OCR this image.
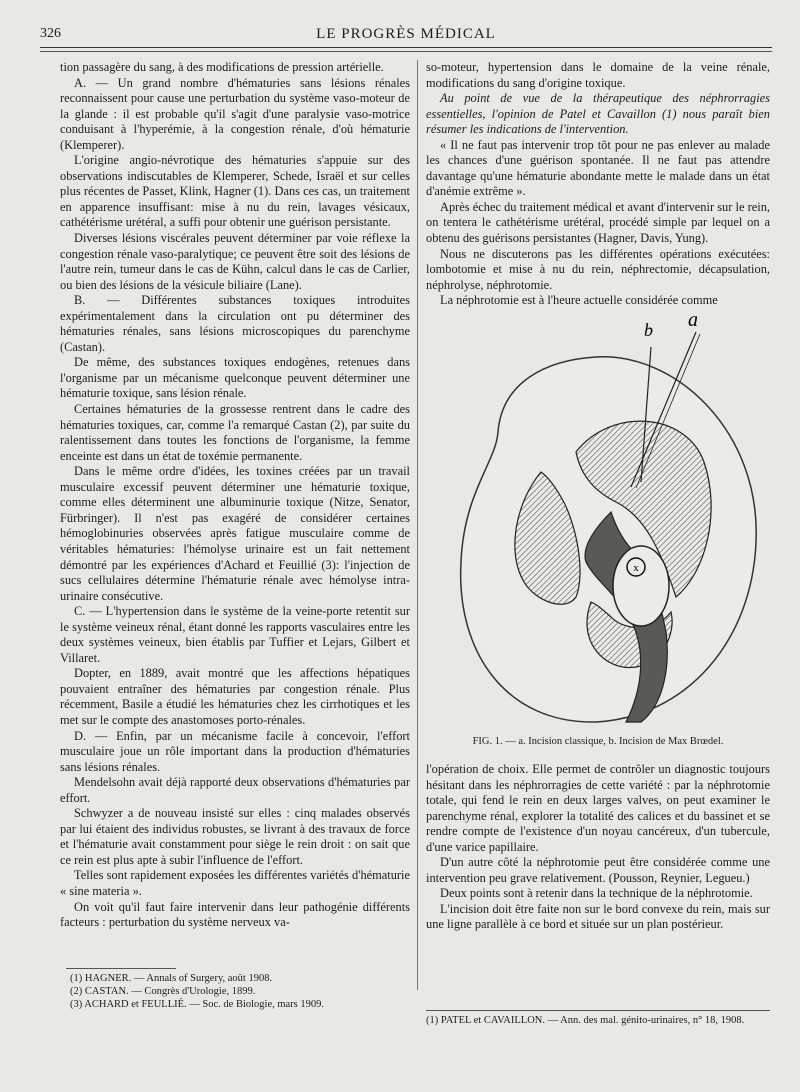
326	LE PROGRÈS MÉDICAL

tion passagère du sang, à des modifications de pression artérielle.

A. — Un grand nombre d'hématuries sans lésions rénales reconnaissent pour cause une perturbation du système vaso-moteur de la glande : il est probable qu'il s'agit d'une paralysie vaso-motrice conduisant à l'hyperémie, à la congestion rénale, d'où hématurie (Klemperer).

L'origine angio-névrotique des hématuries s'appuie sur des observations indiscutables de Klemperer, Schede, Israël et sur celles plus récentes de Passet, Klink, Hagner (1). Dans ces cas, un traitement en apparence insuffisant: mise à nu du rein, lavages vésicaux, cathétérisme urétéral, a suffi pour obtenir une guérison persistante.

Diverses lésions viscérales peuvent déterminer par voie réflexe la congestion rénale vaso-paralytique; ce peuvent être soit des lésions de l'autre rein, tumeur dans le cas de Kühn, calcul dans le cas de Carlier, ou bien des lésions de la vésicule biliaire (Lane).

B. — Différentes substances toxiques introduites expérimentalement dans la circulation ont pu déterminer des hématuries rénales, sans lésions microscopiques du parenchyme (Castan).

De même, des substances toxiques endogènes, retenues dans l'organisme par un mécanisme quelconque peuvent déterminer une hématurie toxique, sans lésion rénale.

Certaines hématuries de la grossesse rentrent dans le cadre des hématuries toxiques, car, comme l'a remarqué Castan (2), par suite du ralentissement dans toutes les fonctions de l'organisme, la femme enceinte est dans un état de toxémie permanente.

Dans le même ordre d'idées, les toxines créées par un travail musculaire excessif peuvent déterminer une hématurie toxique, comme elles déterminent une albuminurie toxique (Nitze, Senator, Fürbringer). Il n'est pas exagéré de considérer certaines hémoglobinuries observées après fatigue musculaire comme de véritables hématuries: l'hémolyse urinaire est un fait nettement démontré par les expériences d'Achard et Feuillié (3): l'injection de sucs cellulaires détermine l'hématurie rénale avec hémolyse intra-urinaire consécutive.

C. — L'hypertension dans le système de la veine-porte retentit sur le système veineux rénal, étant donné les rapports vasculaires entre les deux systèmes veineux, bien établis par Tuffier et Lejars, Gilbert et Villaret.

Dopter, en 1889, avait montré que les affections hépatiques pouvaient entraîner des hématuries par congestion rénale. Plus récemment, Basile a étudié les hématuries chez les cirrhotiques et les met sur le compte des anastomoses porto-rénales.

D. — Enfin, par un mécanisme facile à concevoir, l'effort musculaire joue un rôle important dans la production d'hématuries sans lésions rénales.

Mendelsohn avait déjà rapporté deux observations d'hématuries par effort.

Schwyzer a de nouveau insisté sur elles : cinq malades observés par lui étaient des individus robustes, se livrant à des travaux de force et l'hématurie avait constamment pour siège le rein droit : on sait que ce rein est plus apte à subir l'influence de l'effort.

Telles sont rapidement exposées les différentes variétés d'hématurie « sine materia ».

On voit qu'il faut faire intervenir dans leur pathogénie différents facteurs : perturbation du système nerveux va-

(1) HAGNER. — Annals of Surgery, août 1908.

(2) CASTAN. — Congrès d'Urologie, 1899.

(3) ACHARD et FEULLIÉ. — Soc. de Biologie, mars 1909.

so-moteur, hypertension dans le domaine de la veine rénale, modifications du sang d'origine toxique.

Au point de vue de la thérapeutique des néphrorragies essentielles, l'opinion de Patel et Cavaillon (1) nous paraît bien résumer les indications de l'intervention.

« Il ne faut pas intervenir trop tôt pour ne pas enlever au malade les chances d'une guérison spontanée. Il ne faut pas attendre davantage qu'une hématurie abondante mette le malade dans un état d'anémie extrême ».

Après échec du traitement médical et avant d'intervenir sur le rein, on tentera le cathétérisme urétéral, procédé simple par lequel on a obtenu des guérisons persistantes (Hagner, Davis, Yung).

Nous ne discuterons pas les différentes opérations exécutées: lombotomie et mise à nu du rein, néphrectomie, décapsulation, néphrolyse, néphrotomie.

La néphrotomie est à l'heure actuelle considérée comme

x
b a
FIG. 1. — a. Incision classique, b. Incision de Max Brœdel.

l'opération de choix. Elle permet de contrôler un diagnostic toujours hésitant dans les néphrorragies de cette variété : par la néphrotomie totale, qui fend le rein en deux larges valves, on peut examiner le parenchyme rénal, explorer la totalité des calices et du bassinet et se rendre compte de l'existence d'un noyau cancéreux, d'un tubercule, d'une varice papillaire.

D'un autre côté la néphrotomie peut être considérée comme une intervention peu grave relativement. (Pousson, Reynier, Legueu.)

Deux points sont à retenir dans la technique de la néphrotomie.

L'incision doit être faite non sur le bord convexe du rein, mais sur une ligne parallèle à ce bord et située sur un plan postérieur.

(1) PATEL et CAVAILLON. — Ann. des mal. génito-urinaires, n° 18, 1908.
